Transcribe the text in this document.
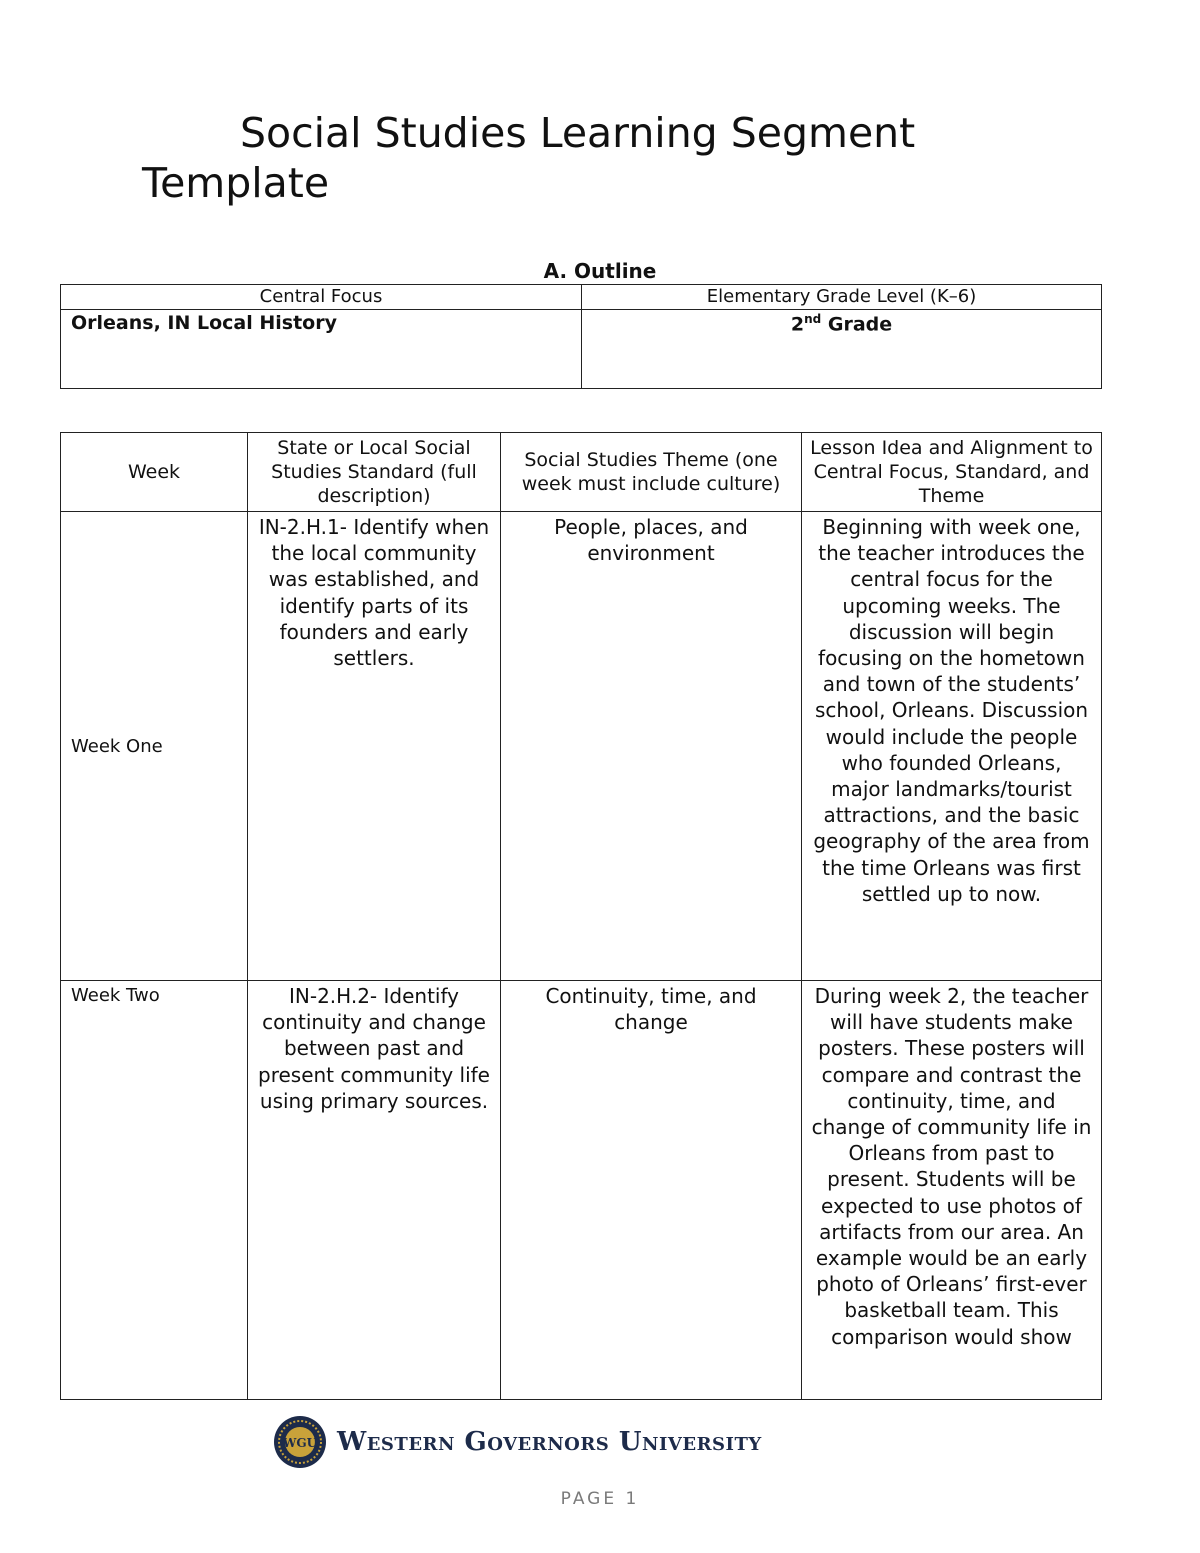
Social Studies Learning Segment Template
A. Outline
Central Focus	Elementary Grade Level (K–6)
Orleans, IN Local History	2nd Grade
Week	State or Local Social Studies Standard (full description)	Social Studies Theme (one week must include culture)	Lesson Idea and Alignment to Central Focus, Standard, and Theme
Week One	IN-2.H.1- Identify when the local community was established, and identify parts of its founders and early settlers.	People, places, and environment	Beginning with week one, the teacher introduces the central focus for the upcoming weeks. The discussion will begin focusing on the hometown and town of the students’ school, Orleans. Discussion would include the people who founded Orleans, major landmarks/tourist attractions, and the basic geography of the area from the time Orleans was first settled up to now.
Week Two	IN-2.H.2- Identify continuity and change between past and present community life using primary sources.	Continuity, time, and change	During week 2, the teacher will have students make posters. These posters will compare and contrast the continuity, time, and change of community life in Orleans from past to present. Students will be expected to use photos of artifacts from our area. An example would be an early photo of Orleans’ first-ever basketball team. This comparison would show
WGU Western Governors University
PAGE 1
